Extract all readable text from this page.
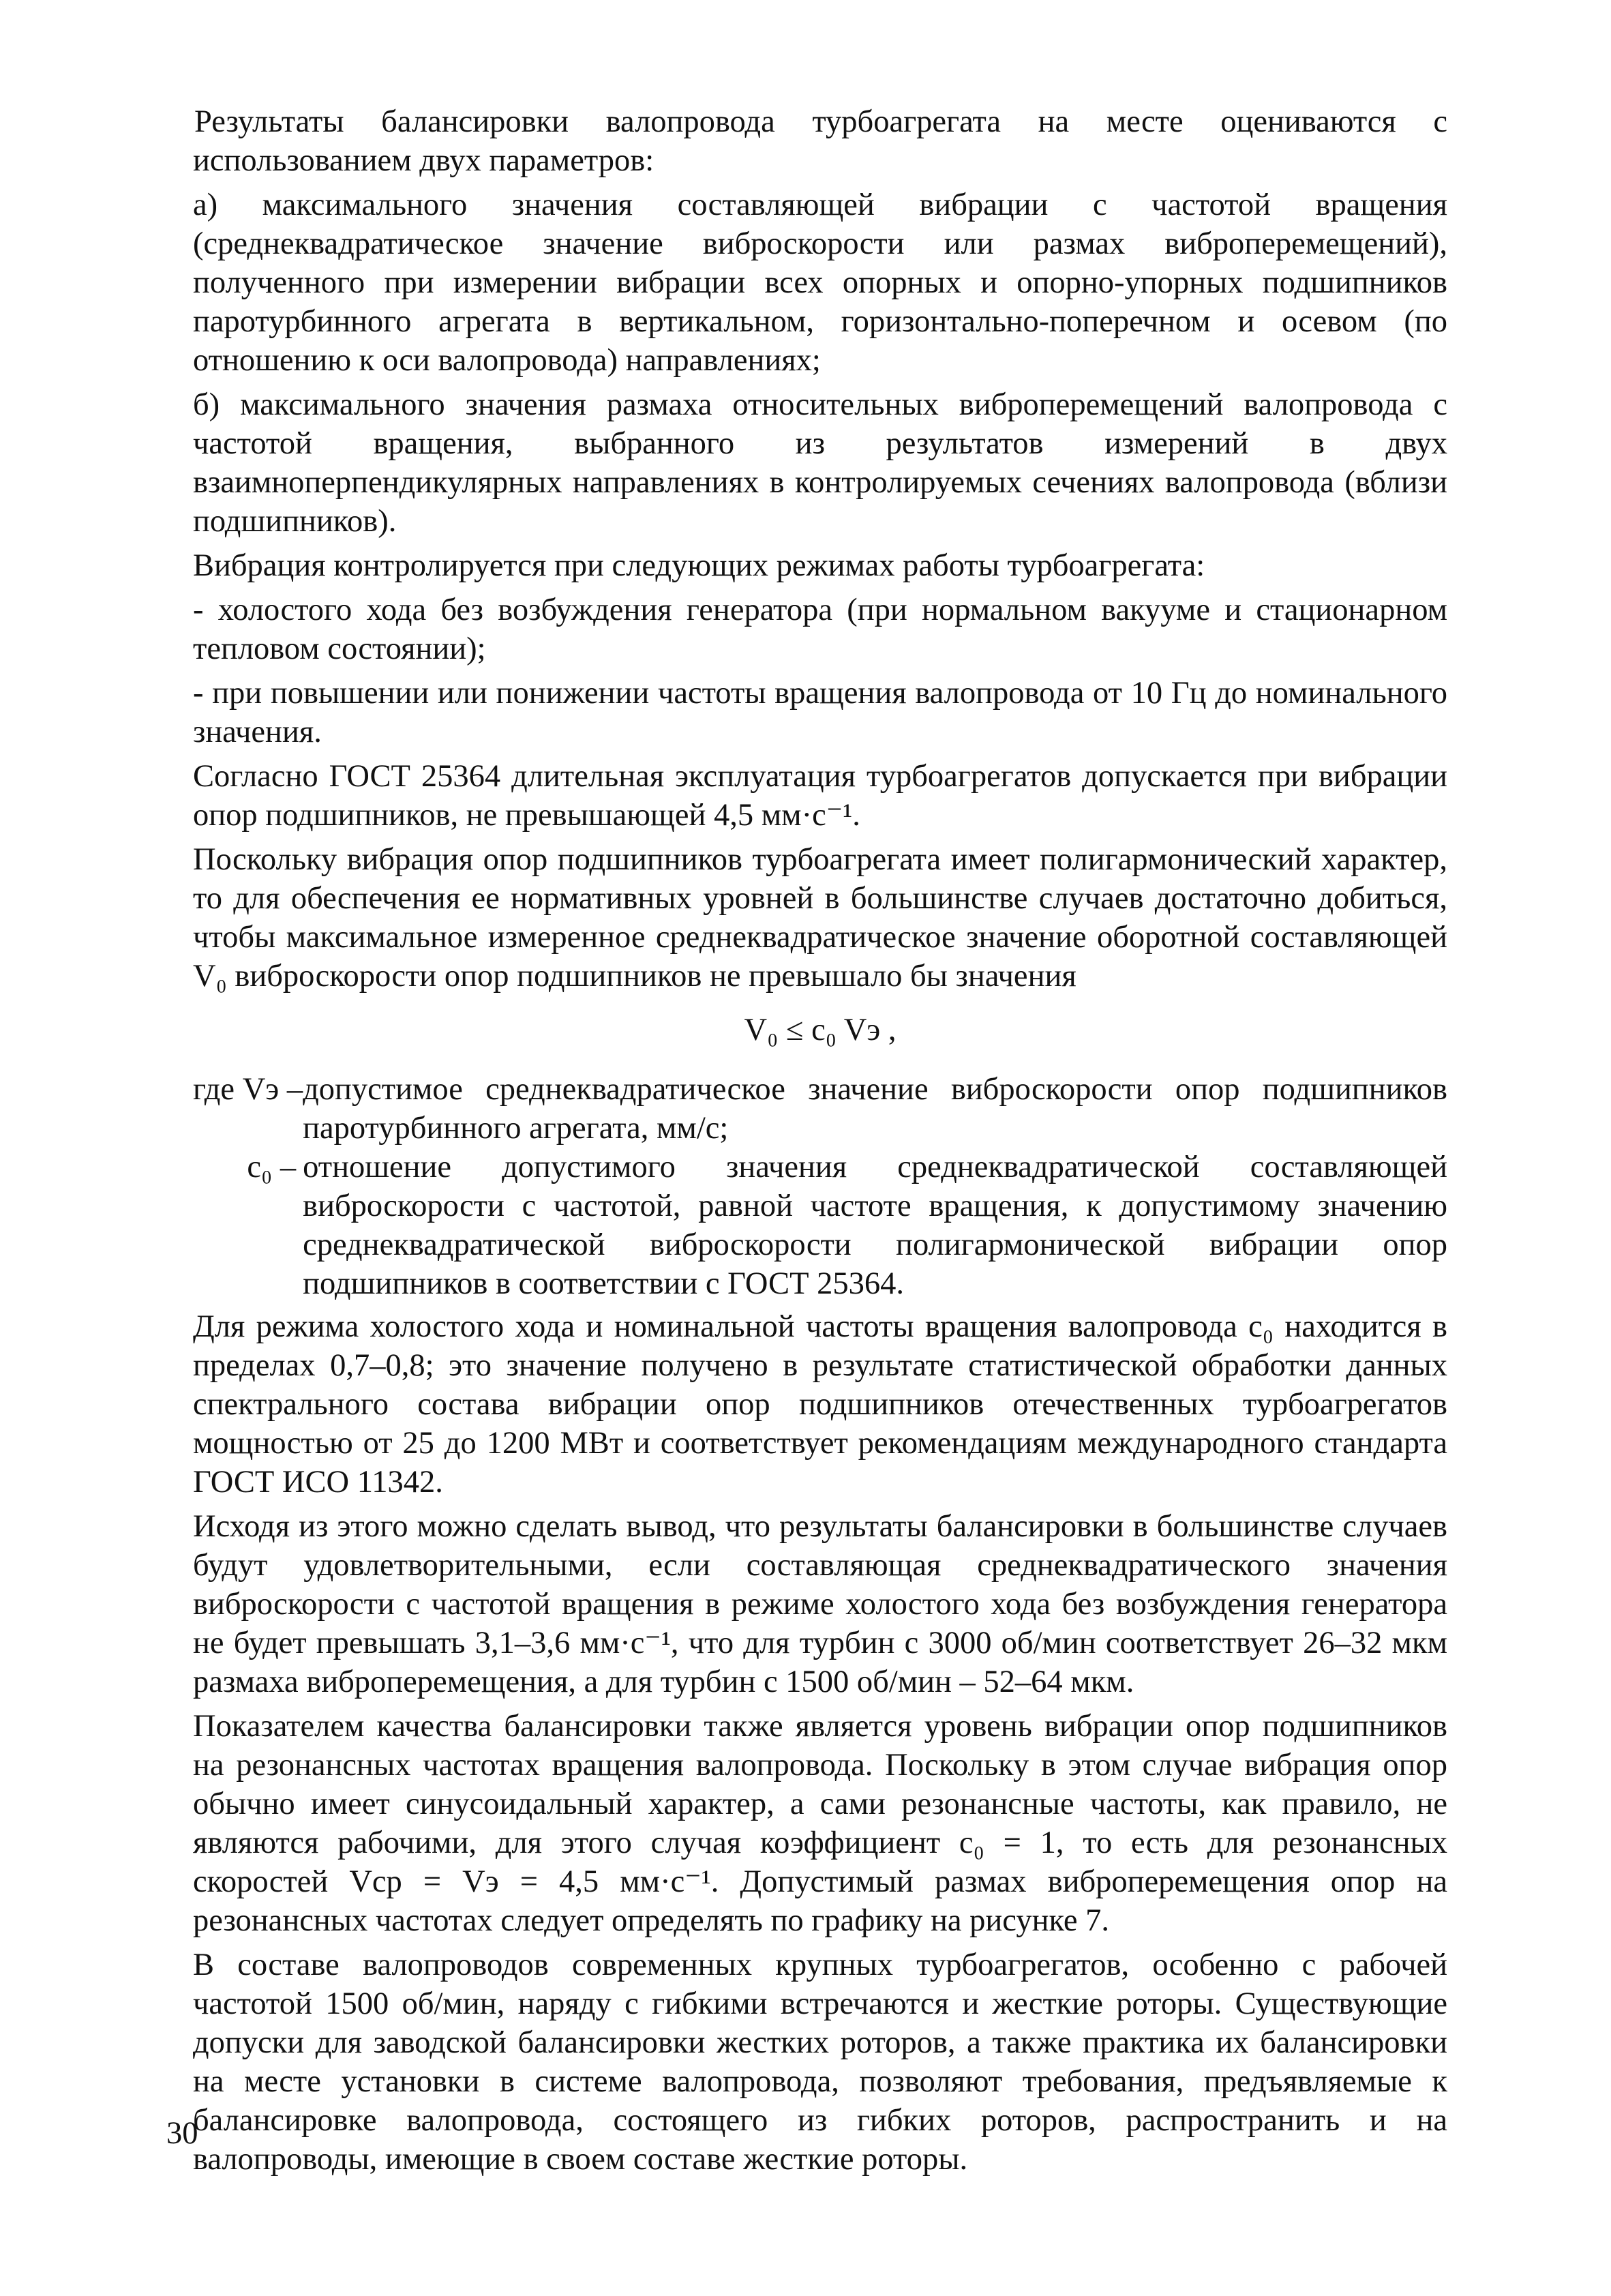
Результаты балансировки валопровода турбоагрегата на месте оцениваются с использованием двух параметров:

а) максимального значения составляющей вибрации с частотой вращения (среднеквадратическое значение виброскорости или размах виброперемещений), полученного при измерении вибрации всех опорных и опорно-упорных подшипников паротурбинного агрегата в вертикальном, горизонтально-поперечном и осевом (по отношению к оси валопровода) направлениях;

б) максимального значения размаха относительных виброперемещений валопровода с частотой вращения, выбранного из результатов измерений в двух взаимноперпендикулярных направлениях в контролируемых сечениях валопровода (вблизи подшипников).

Вибрация контролируется при следующих режимах работы турбоагрегата:

- холостого хода без возбуждения генератора (при нормальном вакууме и стационарном тепловом состоянии);

- при повышении или понижении частоты вращения валопровода от 10 Гц до номинального значения.

Согласно ГОСТ 25364 длительная эксплуатация турбоагрегатов допускается при вибрации опор подшипников, не превышающей 4,5 мм·с⁻¹.

Поскольку вибрация опор подшипников турбоагрегата имеет полигармонический характер, то для обеспечения ее нормативных уровней в большинстве случаев достаточно добиться, чтобы максимальное измеренное среднеквадратическое значение оборотной составляющей V₀ виброскорости опор подшипников не превышало бы значения

V₀ ≤ c₀ Vэ ,
где Vэ –	допустимое среднеквадратическое значение виброскорости опор подшипников паротурбинного агрегата, мм/с;
c₀ –	отношение допустимого значения среднеквадратической составляющей виброскорости с частотой, равной частоте вращения, к допустимому значению среднеквадратической виброскорости полигармонической вибрации опор подшипников в соответствии с ГОСТ 25364.

Для режима холостого хода и номинальной частоты вращения валопровода c₀ находится в пределах 0,7–0,8; это значение получено в результате статистической обработки данных спектрального состава вибрации опор подшипников отечественных турбоагрегатов мощностью от 25 до 1200 МВт и соответствует рекомендациям международного стандарта ГОСТ ИСО 11342.

Исходя из этого можно сделать вывод, что результаты балансировки в большинстве случаев будут удовлетворительными, если составляющая среднеквадратического значения виброскорости с частотой вращения в режиме холостого хода без возбуждения генератора не будет превышать 3,1–3,6 мм·с⁻¹, что для турбин с 3000 об/мин соответствует 26–32 мкм размаха виброперемещения, а для турбин с 1500 об/мин – 52–64 мкм.

Показателем качества балансировки также является уровень вибрации опор подшипников на резонансных частотах вращения валопровода. Поскольку в этом случае вибрация опор обычно имеет синусоидальный характер, а сами резонансные частоты, как правило, не являются рабочими, для этого случая коэффициент c₀ = 1, то есть для резонансных скоростей Vср = Vэ = 4,5 мм·с⁻¹. Допустимый размах виброперемещения опор на резонансных частотах следует определять по графику на рисунке 7.

В составе валопроводов современных крупных турбоагрегатов, особенно с рабочей частотой 1500 об/мин, наряду с гибкими встречаются и жесткие роторы. Существующие допуски для заводской балансировки жестких роторов, а также практика их балансировки на месте установки в системе валопровода, позволяют требования, предъявляемые к балансировке валопровода, состоящего из гибких роторов, распространить и на валопроводы, имеющие в своем составе жесткие роторы.

30
